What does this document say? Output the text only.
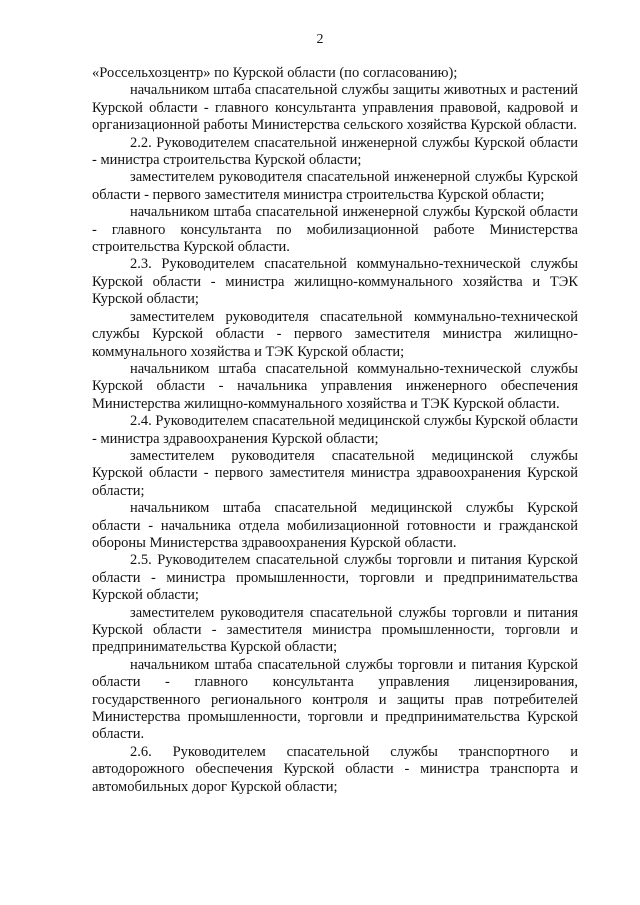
2

«Россельхозцентр» по Курской области (по согласованию);

начальником штаба спасательной службы защиты животных и растений Курской области - главного консультанта управления правовой, кадровой и организационной работы Министерства сельского хозяйства Курской области.

2.2. Руководителем спасательной инженерной службы Курской области - министра строительства Курской области;

заместителем руководителя спасательной инженерной службы Курской области - первого заместителя министра строительства Курской области;

начальником штаба спасательной инженерной службы Курской области - главного консультанта по мобилизационной работе Министерства строительства Курской области.

2.3. Руководителем спасательной коммунально-технической службы Курской области - министра жилищно-коммунального хозяйства и ТЭК Курской области;

заместителем руководителя спасательной коммунально-технической службы Курской области - первого заместителя министра жилищно-коммунального хозяйства и ТЭК Курской области;

начальником штаба спасательной коммунально-технической службы Курской области - начальника управления инженерного обеспечения Министерства жилищно-коммунального хозяйства и ТЭК Курской области.

2.4. Руководителем спасательной медицинской службы Курской области - министра здравоохранения Курской области;

заместителем руководителя спасательной медицинской службы Курской области - первого заместителя министра здравоохранения Курской области;

начальником штаба спасательной медицинской службы Курской области - начальника отдела мобилизационной готовности и гражданской обороны Министерства здравоохранения Курской области.

2.5. Руководителем спасательной службы торговли и питания Курской области - министра промышленности, торговли и предпринимательства Курской области;

заместителем руководителя спасательной службы торговли и питания Курской области - заместителя министра промышленности, торговли и предпринимательства Курской области;

начальником штаба спасательной службы торговли и питания Курской области - главного консультанта управления лицензирования, государственного регионального контроля и защиты прав потребителей Министерства промышленности, торговли и предпринимательства Курской области.

2.6. Руководителем спасательной службы транспортного и автодорожного обеспечения Курской области - министра транспорта и автомобильных дорог Курской области;
